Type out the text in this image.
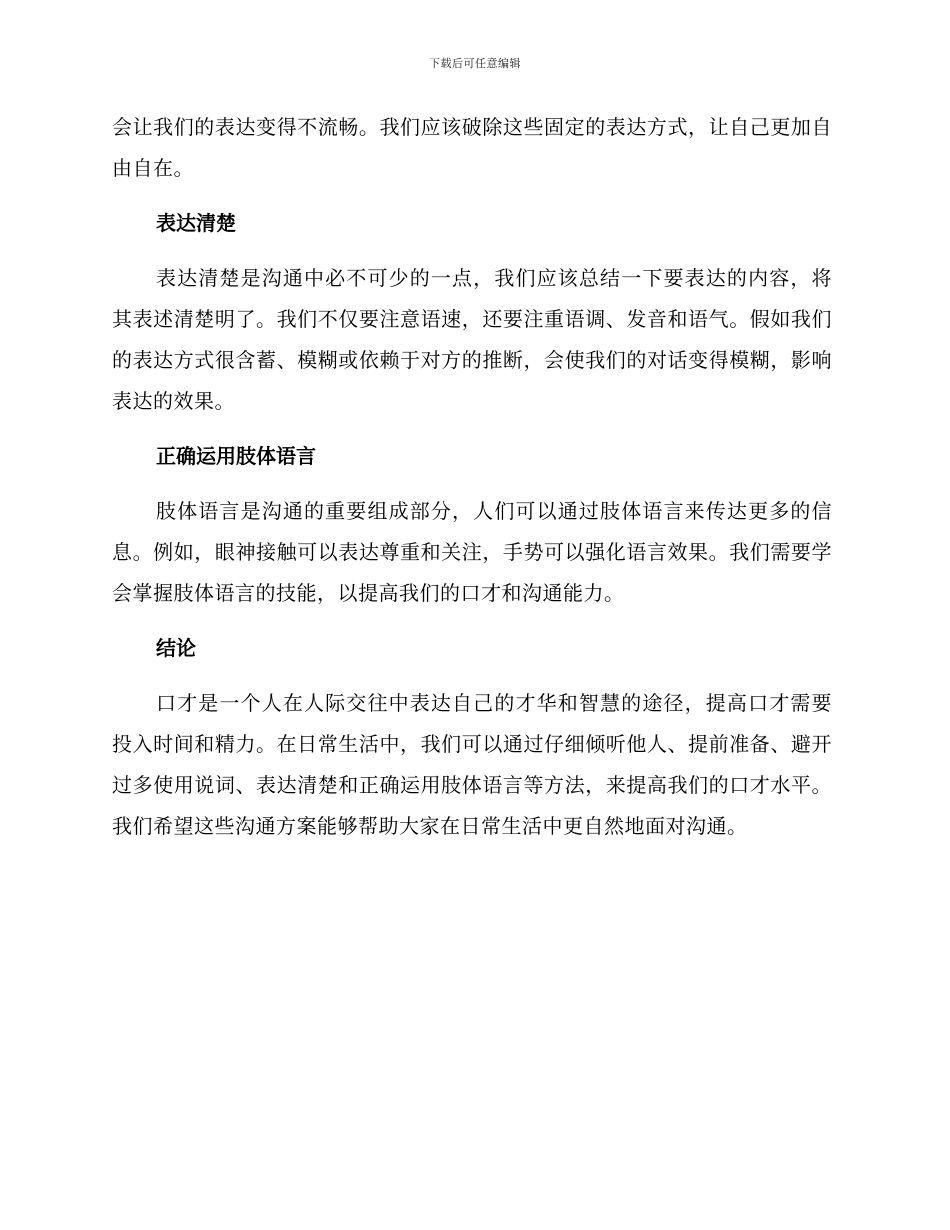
下载后可任意编辑

会让我们的表达变得不流畅。我们应该破除这些固定的表达方式，让自己更加自由自在。

表达清楚

表达清楚是沟通中必不可少的一点，我们应该总结一下要表达的内容，将其表述清楚明了。我们不仅要注意语速，还要注重语调、发音和语气。假如我们的表达方式很含蓄、模糊或依赖于对方的推断，会使我们的对话变得模糊，影响表达的效果。

正确运用肢体语言

肢体语言是沟通的重要组成部分，人们可以通过肢体语言来传达更多的信息。例如，眼神接触可以表达尊重和关注，手势可以强化语言效果。我们需要学会掌握肢体语言的技能，以提高我们的口才和沟通能力。

结论

口才是一个人在人际交往中表达自己的才华和智慧的途径，提高口才需要投入时间和精力。在日常生活中，我们可以通过仔细倾听他人、提前准备、避开过多使用说词、表达清楚和正确运用肢体语言等方法，来提高我们的口才水平。我们希望这些沟通方案能够帮助大家在日常生活中更自然地面对沟通。
